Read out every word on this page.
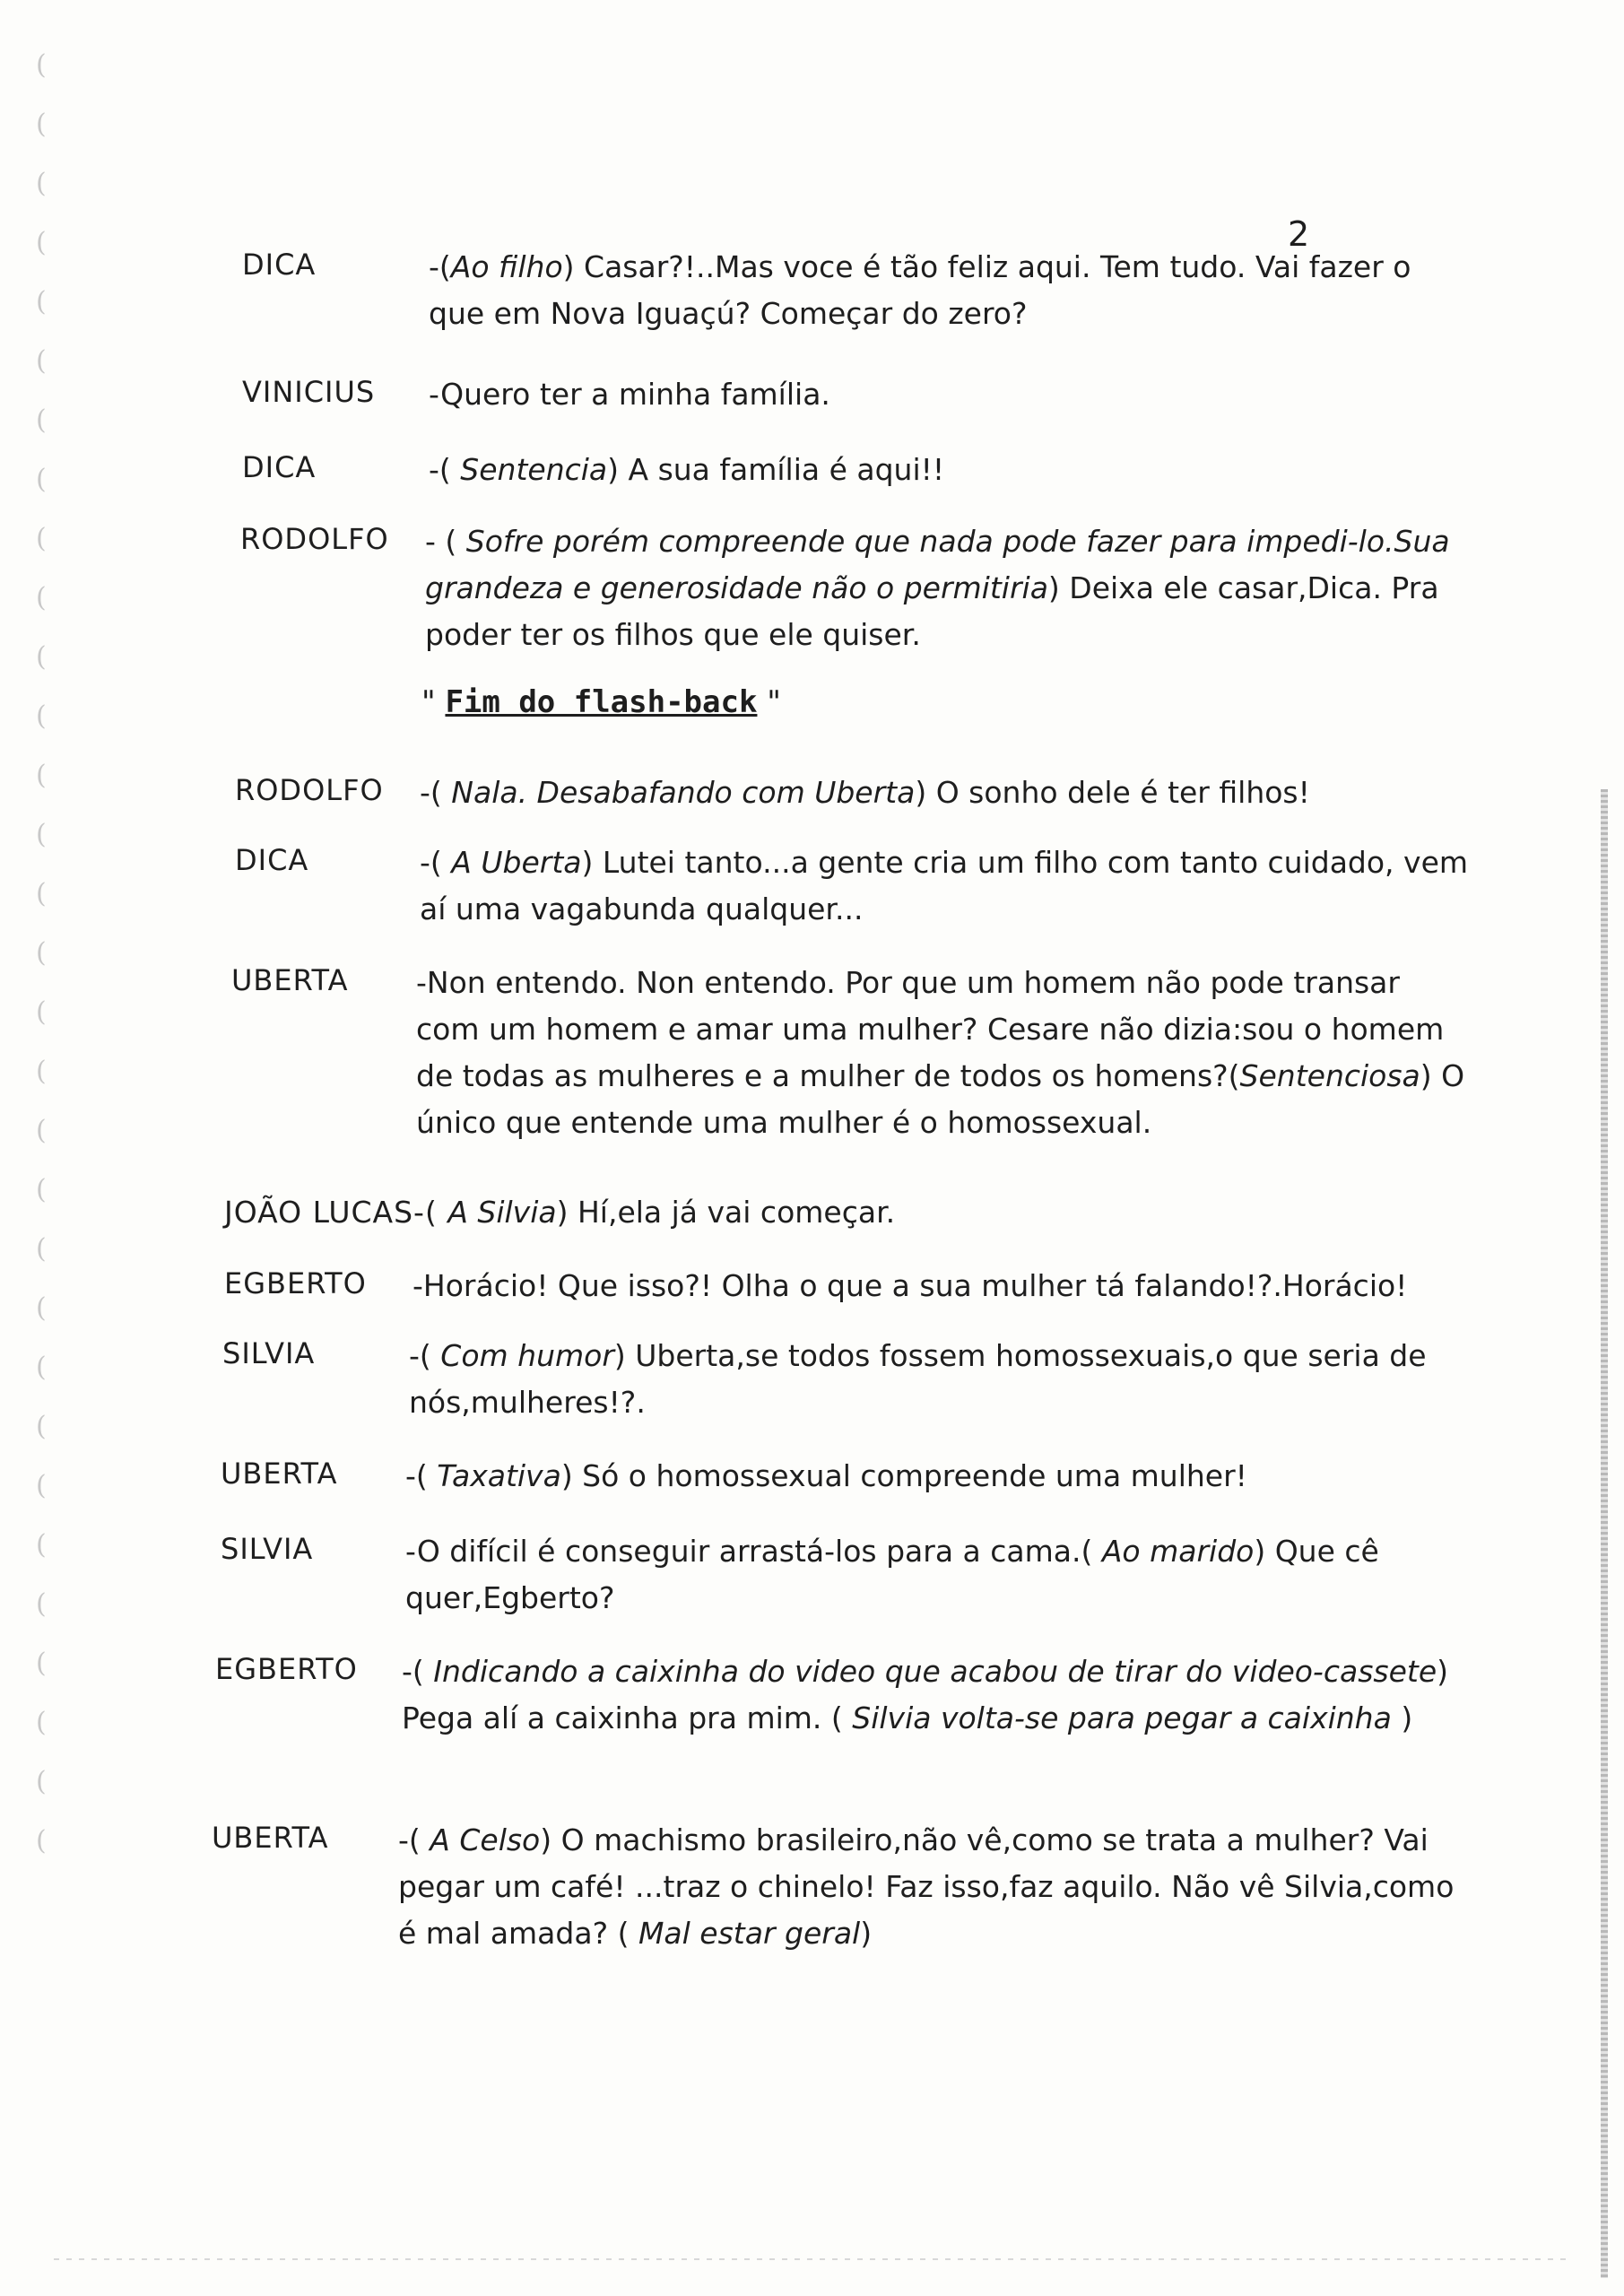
(
(
(
(
(
(
(
(
(
(
(
(
(
(
(
(
(
(
(
(
(
(
(
(
(
(
(
(
(
(
(
2
" Fim do flash-back "
DICA	-(Ao filho) Casar?!..Mas voce é tão feliz aqui. Tem tudo. Vai fazer o que em Nova Iguaçú? Começar do zero?
VINICIUS -Quero ter a minha família.
DICA	-( Sentencia) A sua família é aqui!!
RODOLFO - ( Sofre porém compreende que nada pode fazer para impedi-lo.Sua grandeza e generosidade não o permitiria) Deixa ele casar,Dica. Pra poder ter os filhos que ele quiser.
RODOLFO -( Nala. Desabafando com Uberta) O sonho dele é ter filhos!
DICA	-( A Uberta) Lutei tanto...a gente cria um filho com tanto cuidado, vem aí uma vagabunda qualquer...
UBERTA -Non entendo. Non entendo. Por que um homem não pode transar com um homem e amar uma mulher? Cesare não dizia:sou o homem de todas as mulheres e a mulher de todos os homens?(Sentenciosa) O único que entende uma mulher é o homossexual.
JOÃO LUCAS-( A Silvia) Hí,ela já vai começar.
EGBERTO -Horácio! Que isso?! Olha o que a sua mulher tá falando!?.Horácio!
SILVIA	-( Com humor) Uberta,se todos fossem homossexuais,o que seria de nós,mulheres!?.
UBERTA -( Taxativa) Só o homossexual compreende uma mulher!
SILVIA	-O difícil é conseguir arrastá-los para a cama.( Ao marido) Que cê quer,Egberto?
EGBERTO -( Indicando a caixinha do video que acabou de tirar do video-cassete) Pega alí a caixinha pra mim. ( Silvia volta-se para pegar a caixinha )
UBERTA -( A Celso) O machismo brasileiro,não vê,como se trata a mulher? Vai pegar um café! ...traz o chinelo! Faz isso,faz aquilo. Não vê Silvia,como é mal amada? ( Mal estar geral)
